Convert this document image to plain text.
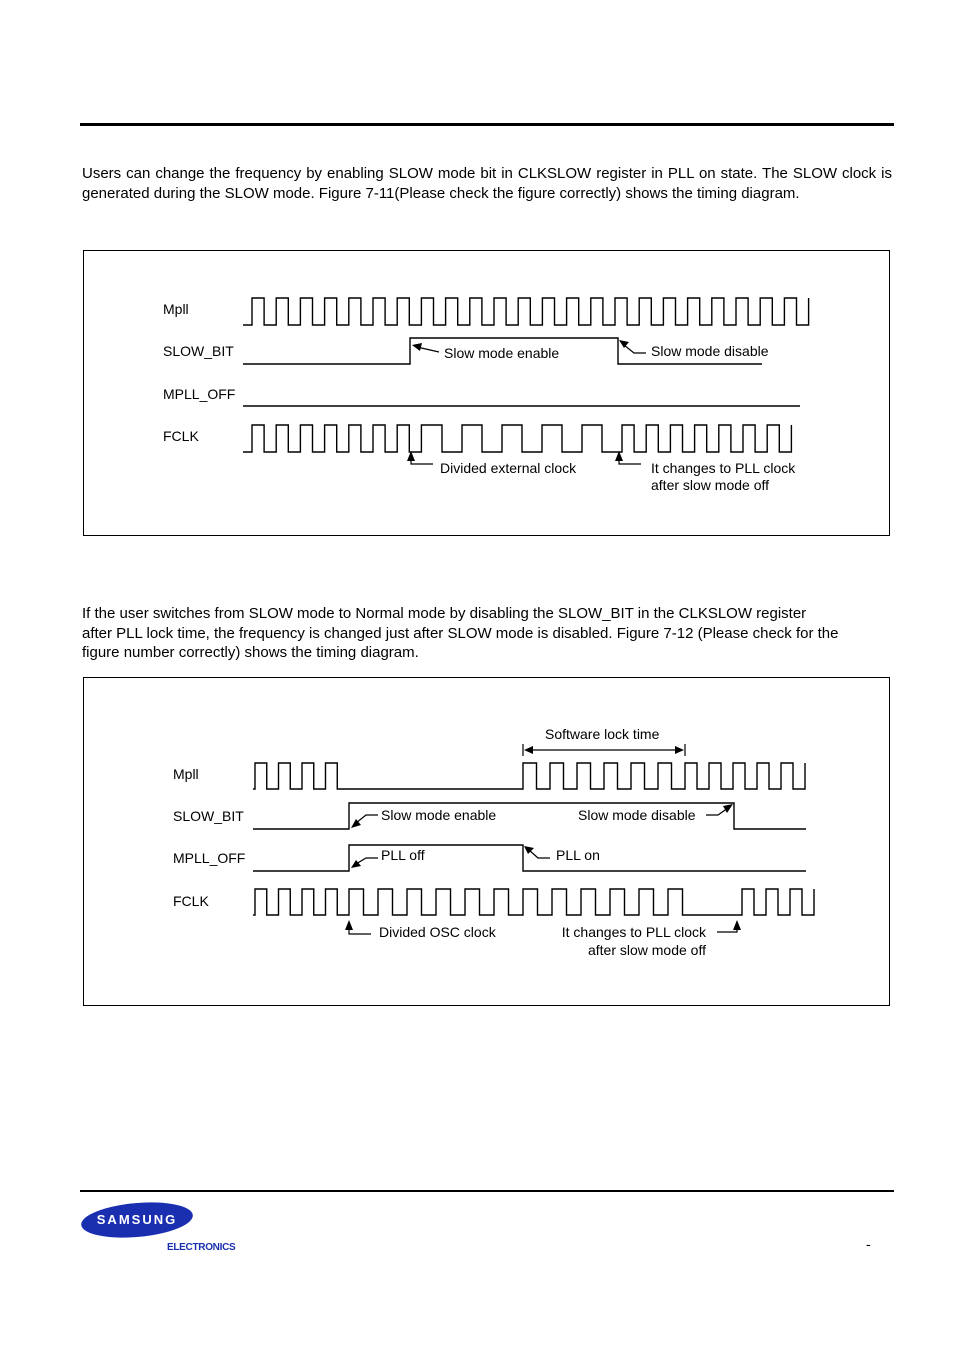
Users can change the frequency by enabling SLOW mode bit in CLKSLOW register in PLL on state. The SLOW clock is generated during the SLOW mode. Figure 7-11(Please check the figure correctly) shows the timing diagram.

Mpll
SLOW_BIT
MPLL_OFF
FCLK
Slow mode enable	Slow mode disable
Divided external clock	It changes to PLL clock
after slow mode off
If the user switches from SLOW mode to Normal mode by disabling the SLOW_BIT in the CLKSLOW register
after PLL lock time, the frequency is changed just after SLOW mode is disabled. Figure 7-12 (Please check for the
figure number correctly) shows the timing diagram.
Mpll
SLOW_BIT
MPLL_OFF
FCLK
Software lock time
Slow mode enable	Slow mode disable
PLL off	PLL on
Divided OSC clock	It changes to PLL clock
after slow mode off
SAMSUNG
ELECTRONICS	-
